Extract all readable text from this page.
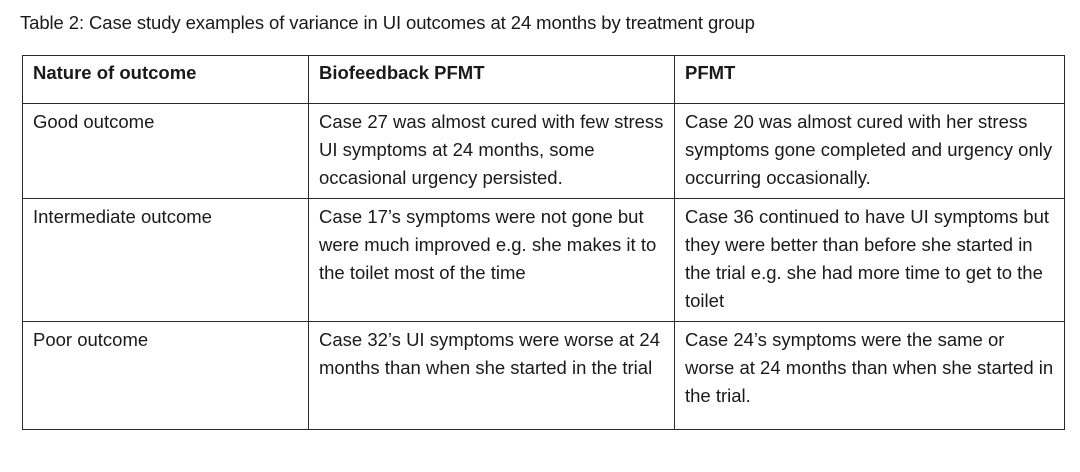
Table 2: Case study examples of variance in UI outcomes at 24 months by treatment group
Nature of outcome	Biofeedback PFMT	PFMT
Good outcome	Case 27 was almost cured with few stress UI symptoms at 24 months, some occasional urgency persisted.	Case 20 was almost cured with her stress symptoms gone completed and urgency only occurring occasionally.
Intermediate outcome	Case 17’s symptoms were not gone but were much improved e.g. she makes it to the toilet most of the time	Case 36 continued to have UI symptoms but they were better than before she started in the trial e.g. she had more time to get to the toilet
Poor outcome	Case 32’s UI symptoms were worse at 24 months than when she started in the trial	Case 24’s symptoms were the same or worse at 24 months than when she started in the trial.
